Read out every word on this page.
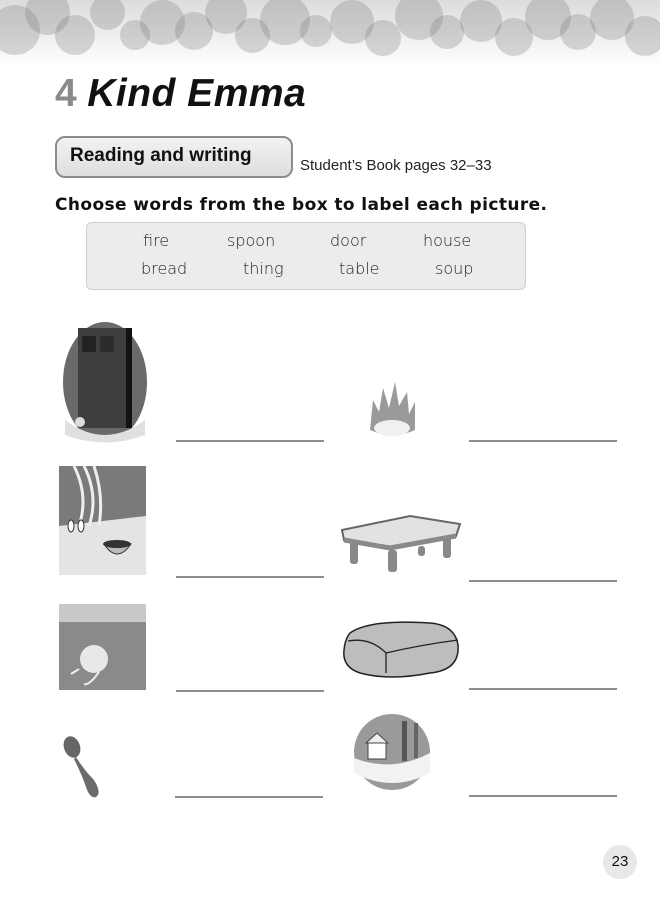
4 Kind Emma
Reading and writing	Student’s Book pages 32–33
Choose words from the box to label each picture.
fire	spoon	door	house
bread	thing	table	soup
23
